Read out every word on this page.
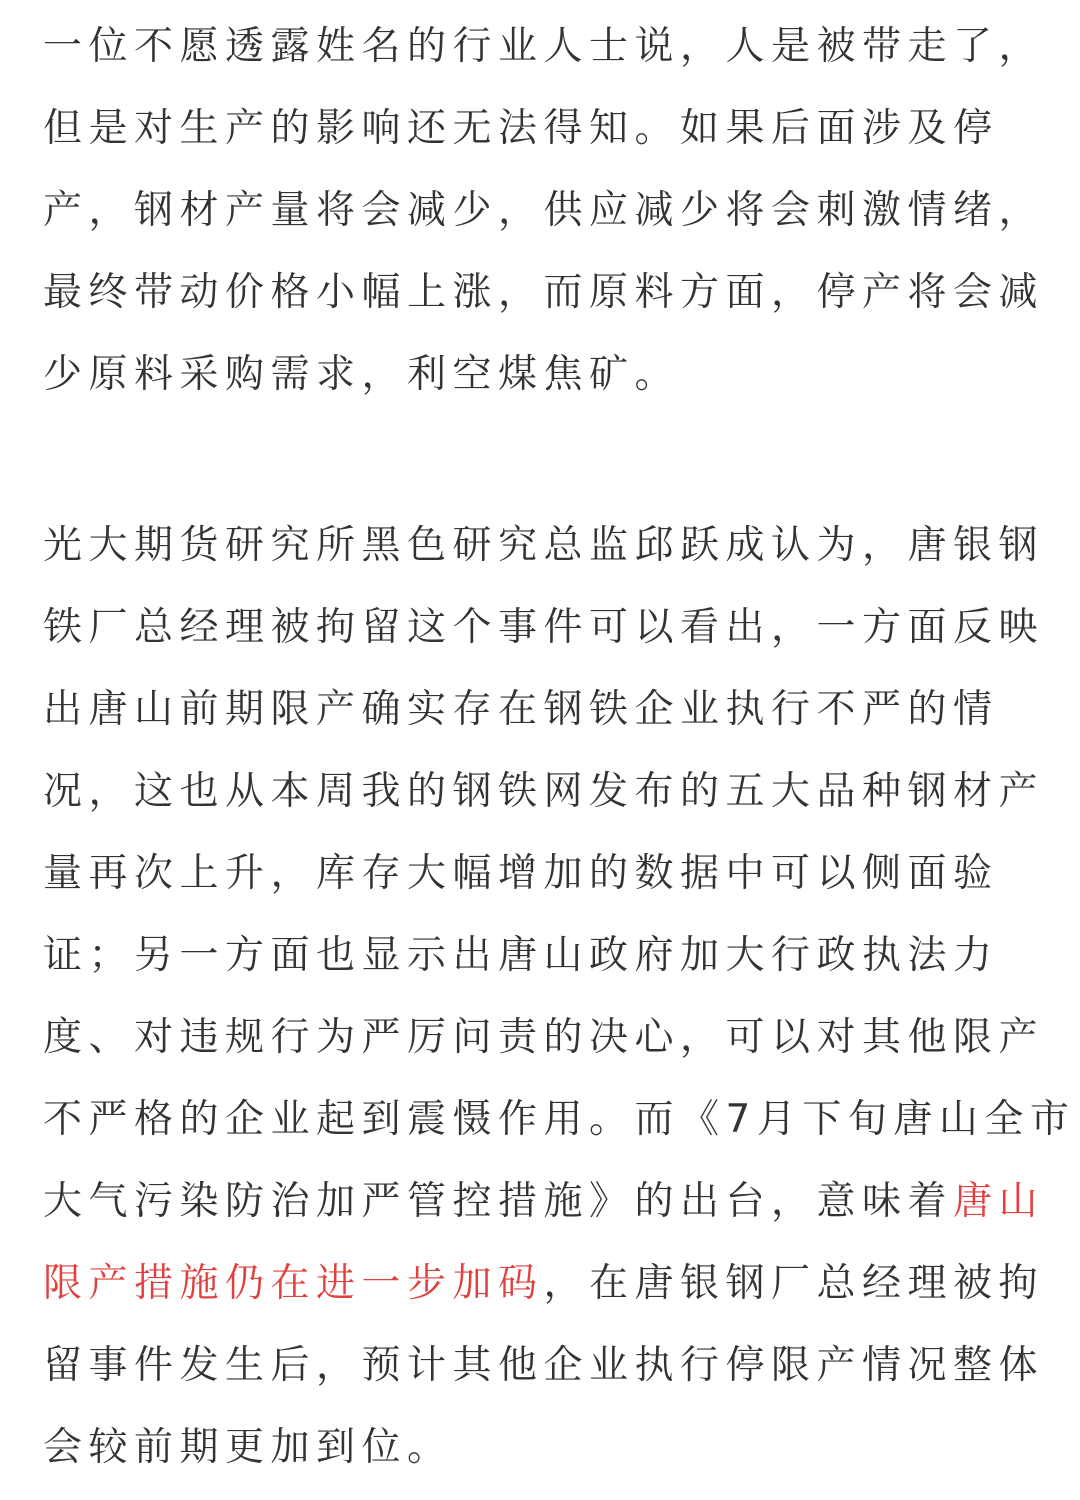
一位不愿透露姓名的行业人士说，人是被带走了，
但是对生产的影响还无法得知。如果后面涉及停
产，钢材产量将会减少，供应减少将会刺激情绪，
最终带动价格小幅上涨，而原料方面，停产将会减
少原料采购需求，利空煤焦矿。
光大期货研究所黑色研究总监邱跃成认为，唐银钢
铁厂总经理被拘留这个事件可以看出，一方面反映
出唐山前期限产确实存在钢铁企业执行不严的情
况，这也从本周我的钢铁网发布的五大品种钢材产
量再次上升，库存大幅增加的数据中可以侧面验
证；另一方面也显示出唐山政府加大行政执法力
度、对违规行为严厉问责的决心，可以对其他限产
不严格的企业起到震慑作用。而《7月下旬唐山全市
大气污染防治加严管控措施》的出台，意味着唐山
限产措施仍在进一步加码，在唐银钢厂总经理被拘
留事件发生后，预计其他企业执行停限产情况整体
会较前期更加到位。
